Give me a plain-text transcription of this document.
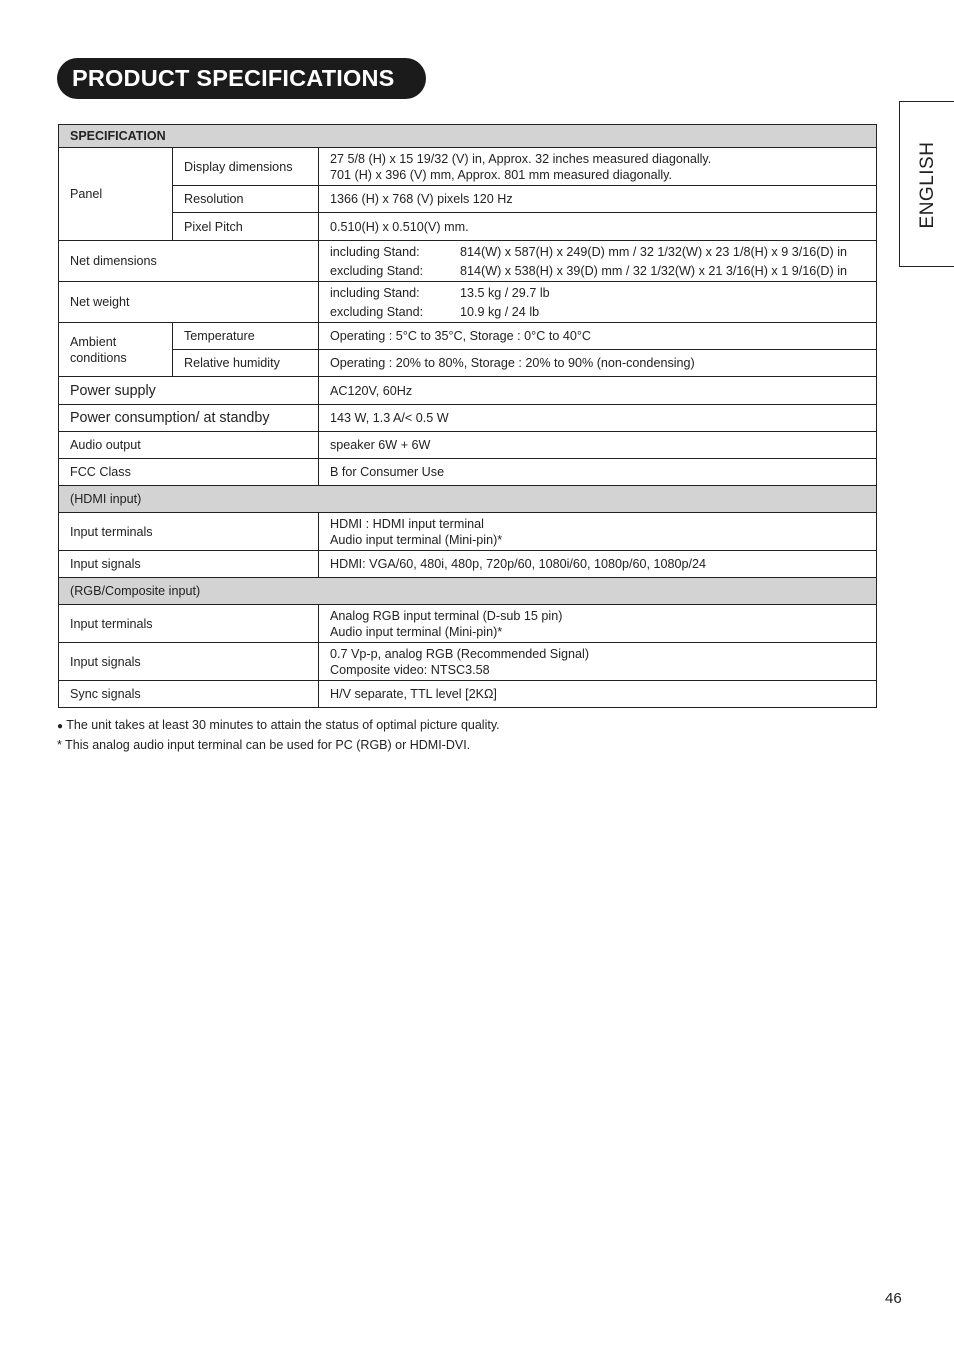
PRODUCT SPECIFICATIONS
ENGLISH
SPECIFICATION		
Panel	Display dimensions	27 5/8 (H) x 15 19/32 (V) in, Approx. 32 inches measured diagonally.
701 (H) x 396 (V) mm, Approx. 801 mm measured diagonally.

	Resolution	1366 (H) x 768 (V) pixels 120 Hz
	Pixel Pitch	0.510(H) x 0.510(V) mm.
Net dimensions		including Stand: 814(W) x 587(H) x 249(D) mm / 32 1/32(W) x 23 1/8(H) x 9 3/16(D) in
excluding Stand: 814(W) x 538(H) x 39(D) mm / 32 1/32(W) x 21 3/16(H) x 1 9/16(D) in

Net weight		including Stand: 13.5 kg / 29.7 lb
excluding Stand: 10.9 kg / 24 lb

Ambient
conditions	Temperature	Operating : 5°C to 35°C, Storage : 0°C to 40°C
	Relative humidity	Operating : 20% to 80%, Storage : 20% to 90% (non-condensing)
Power supply		AC120V, 60Hz
Power consumption/ at standby		143 W, 1.3 A/< 0.5 W
Audio output		speaker 6W + 6W
FCC Class		B for Consumer Use
(HDMI input)		
Input terminals		HDMI : HDMI input terminal
Audio input terminal (Mini-pin)*

Input signals		HDMI: VGA/60, 480i, 480p, 720p/60, 1080i/60, 1080p/60, 1080p/24
(RGB/Composite input)		
Input terminals		Analog RGB input terminal (D-sub 15 pin)
Audio input terminal (Mini-pin)*

Input signals		0.7 Vp-p, analog RGB (Recommended Signal)
Composite video: NTSC3.58

Sync signals		H/V separate, TTL level [2KΩ]
● The unit takes at least 30 minutes to attain the status of optimal picture quality.
* This analog audio input terminal can be used for PC (RGB) or HDMI-DVI.
46
